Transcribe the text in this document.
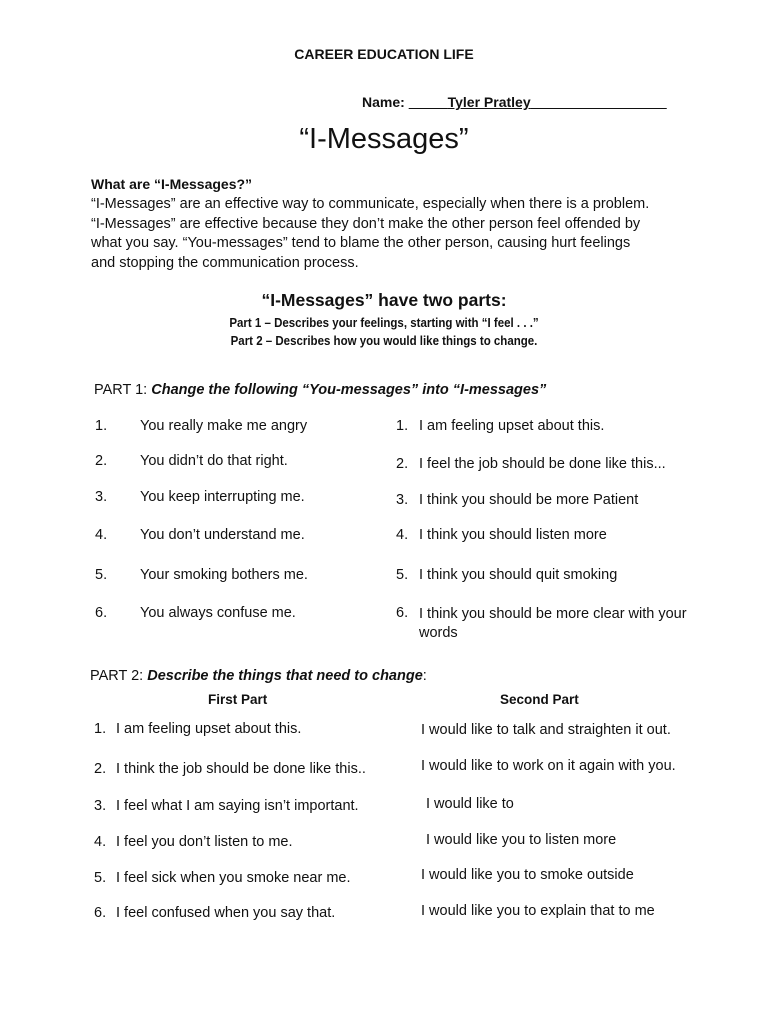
CAREER EDUCATION LIFE
Name:	Tyler Pratley
“I-Messages”
What are “I-Messages?”
“I-Messages” are an effective way to communicate, especially when there is a problem.
“I-Messages” are effective because they don’t make the other person feel offended by
what you say. “You-messages” tend to blame the other person, causing hurt feelings
and stopping the communication process.
“I-Messages” have two parts:
Part 1 – Describes your feelings, starting with “I feel . . .”
Part 2 – Describes how you would like things to change.
PART 1: Change the following “You-messages” into “I-messages”
1. You really make me angry	1. I am feeling upset about this.
2. You didn’t do that right.	2. I feel the job should be done like this...
3. You keep interrupting me.	3. I think you should be more Patient
4. You don’t understand me.	4. I think you should listen more
5. Your smoking bothers me.	5. I think you should quit smoking
6. You always confuse me.	6. I think you should be more clear with your words
PART 2: Describe the things that need to change:
First Part	Second Part
1. I am feeling upset about this.	I would like to talk and straighten it out.
2. I think the job should be done like this..	I would like to work on it again with you.
3. I feel what I am saying isn’t important.	I would like to
4. I feel you don’t listen to me.	I would like you to listen more
5. I feel sick when you smoke near me.	I would like you to smoke outside
6. I feel confused when you say that.	I would like you to explain that to me
